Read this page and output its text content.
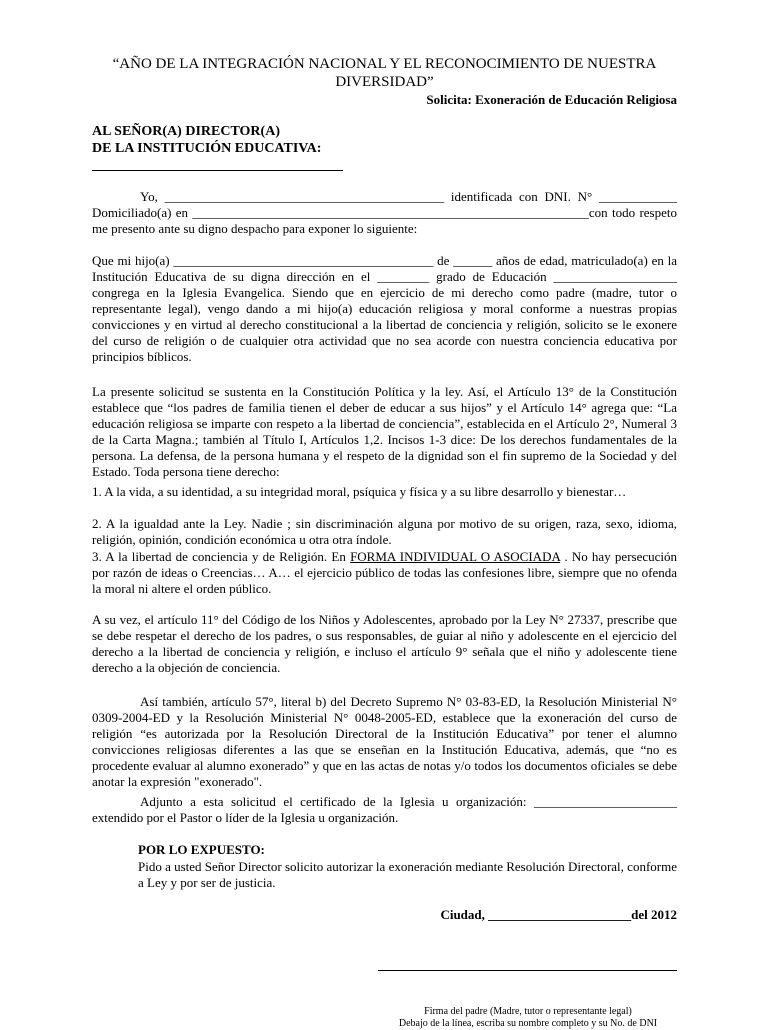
“AÑO DE LA INTEGRACIÓN NACIONAL Y EL RECONOCIMIENTO DE NUESTRA DIVERSIDAD”
Solicita: Exoneración de Educación Religiosa
AL SEÑOR(A) DIRECTOR(A)
DE LA INSTITUCIÓN EDUCATIVA:

Yo, ___________________________________________ identificada con DNI. N° ____________ Domiciliado(a) en _____________________________________________________________con todo respeto me presento ante su digno despacho para exponer lo siguiente:

Que mi hijo(a) ________________________________________ de ______ años de edad, matriculado(a) en la Institución Educativa de su digna dirección en el ________ grado de Educación ___________________ congrega en la Iglesia Evangelica. Siendo que en ejercicio de mi derecho como padre (madre, tutor o representante legal), vengo dando a mi hijo(a) educación religiosa y moral conforme a nuestras propias convicciones y en virtud al derecho constitucional a la libertad de conciencia y religión, solicito se le exonere del curso de religión o de cualquier otra actividad que no sea acorde con nuestra conciencia educativa por principios bíblicos.

La presente solicitud se sustenta en la Constitución Política y la ley. Así, el Artículo 13° de la Constitución establece que “los padres de familia tienen el deber de educar a sus hijos” y el Artículo 14° agrega que: “La educación religiosa se imparte con respeto a la libertad de conciencia”, establecida en el Artículo 2°, Numeral 3 de la Carta Magna.; también al Título I, Artículos 1,2. Incisos 1-3 dice: De los derechos fundamentales de la persona. La defensa, de la persona humana y el respeto de la dignidad son el fin supremo de la Sociedad y del Estado. Toda persona tiene derecho:

1. A la vida, a su identidad, a su integridad moral, psíquica y física y a su libre desarrollo y bienestar…

2. A la igualdad ante la Ley. Nadie ; sin discriminación alguna por motivo de su origen, raza, sexo, idioma, religión, opinión, condición económica u otra otra índole.

3. A la libertad de conciencia y de Religión. En FORMA INDIVIDUAL O ASOCIADA . No hay persecución por razón de ideas o Creencias… A… el ejercicio público de todas las confesiones libre, siempre que no ofenda la moral ni altere el orden público.

A su vez, el artículo 11° del Código de los Niños y Adolescentes, aprobado por la Ley N° 27337, prescribe que se debe respetar el derecho de los padres, o sus responsables, de guiar al niño y adolescente en el ejercicio del derecho a la libertad de conciencia y religión, e incluso el artículo 9° señala que el niño y adolescente tiene derecho a la objeción de conciencia.

Así también, artículo 57°, literal b) del Decreto Supremo N° 03-83-ED, la Resolución Ministerial N° 0309-2004-ED y la Resolución Ministerial N° 0048-2005-ED, establece que la exoneración del curso de religión “es autorizada por la Resolución Directoral de la Institución Educativa” por tener el alumno convicciones religiosas diferentes a las que se enseñan en la Institución Educativa, además, que “no es procedente evaluar al alumno exonerado” y que en las actas de notas y/o todos los documentos oficiales se debe anotar la expresión "exonerado".

Adjunto a esta solicitud el certificado de la Iglesia u organización: ______________________ extendido por el Pastor o líder de la Iglesia u organización.

POR LO EXPUESTO:

Pido a usted Señor Director solicito autorizar la exoneración mediante Resolución Directoral, conforme a Ley y por ser de justicia.

Ciudad, ______________________del 2012
Firma del padre (Madre, tutor o representante legal)
Debajo de la línea, escriba su nombre completo y su No. de DNI
